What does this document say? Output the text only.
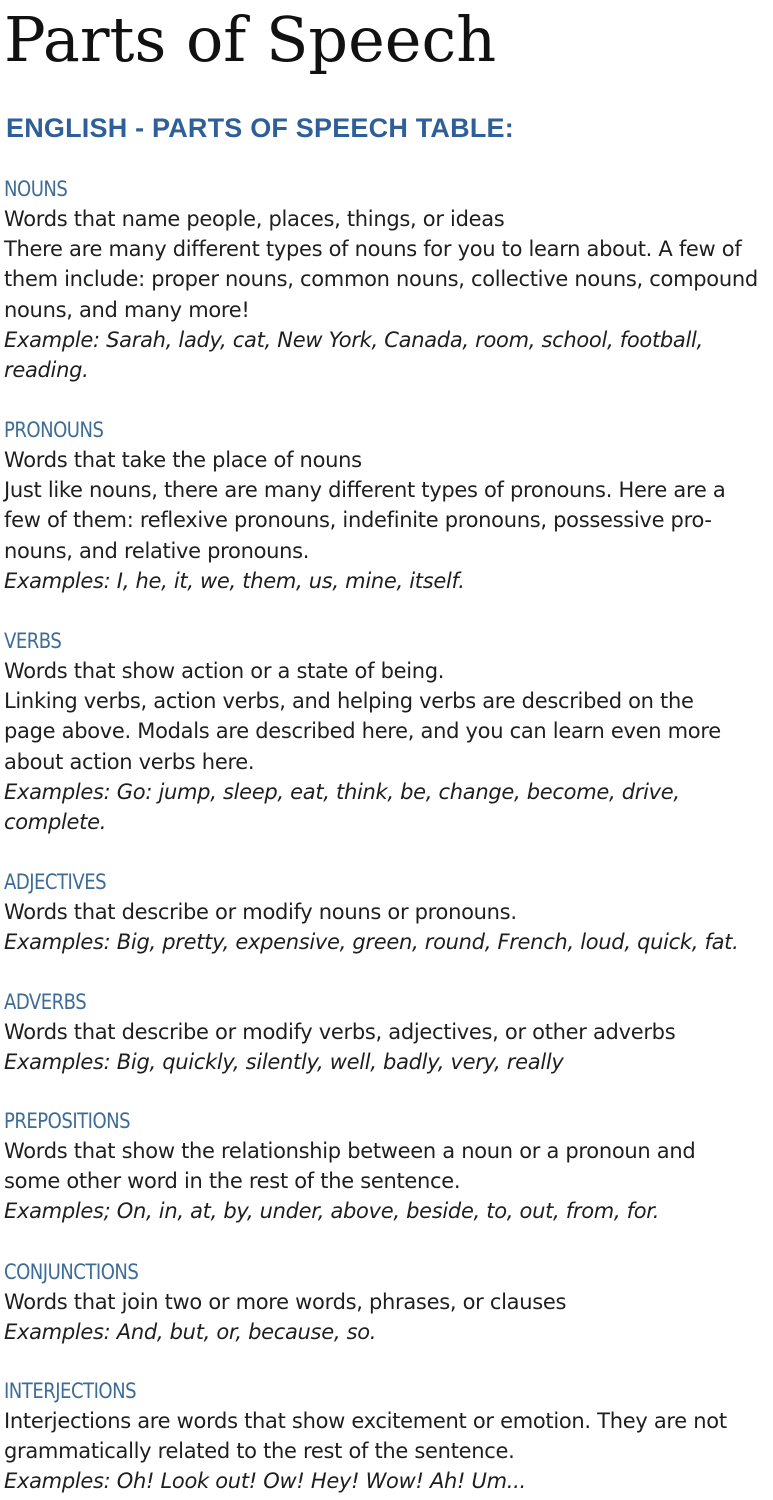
Parts of Speech
ENGLISH - PARTS OF SPEECH TABLE:
NOUNS
Words that name people, places, things, or ideas
There are many different types of nouns for you to learn about. A few of
them include: proper nouns, common nouns, collective nouns, compound
nouns, and many more!
Example: Sarah, lady, cat, New York, Canada, room, school, football,
reading.
PRONOUNS
Words that take the place of nouns
Just like nouns, there are many different types of pronouns. Here are a
few of them: reflexive pronouns, indefinite pronouns, possessive pro-
nouns, and relative pronouns.
Examples: I, he, it, we, them, us, mine, itself.
VERBS
Words that show action or a state of being.
Linking verbs, action verbs, and helping verbs are described on the
page above. Modals are described here, and you can learn even more
about action verbs here.
Examples: Go: jump, sleep, eat, think, be, change, become, drive,
complete.
ADJECTIVES
Words that describe or modify nouns or pronouns.
Examples: Big, pretty, expensive, green, round, French, loud, quick, fat.
ADVERBS
Words that describe or modify verbs, adjectives, or other adverbs
Examples: Big, quickly, silently, well, badly, very, really
PREPOSITIONS
Words that show the relationship between a noun or a pronoun and
some other word in the rest of the sentence.
Examples; On, in, at, by, under, above, beside, to, out, from, for.
CONJUNCTIONS
Words that join two or more words, phrases, or clauses
Examples: And, but, or, because, so.
INTERJECTIONS
Interjections are words that show excitement or emotion. They are not
grammatically related to the rest of the sentence.
Examples: Oh! Look out! Ow! Hey! Wow! Ah! Um...
